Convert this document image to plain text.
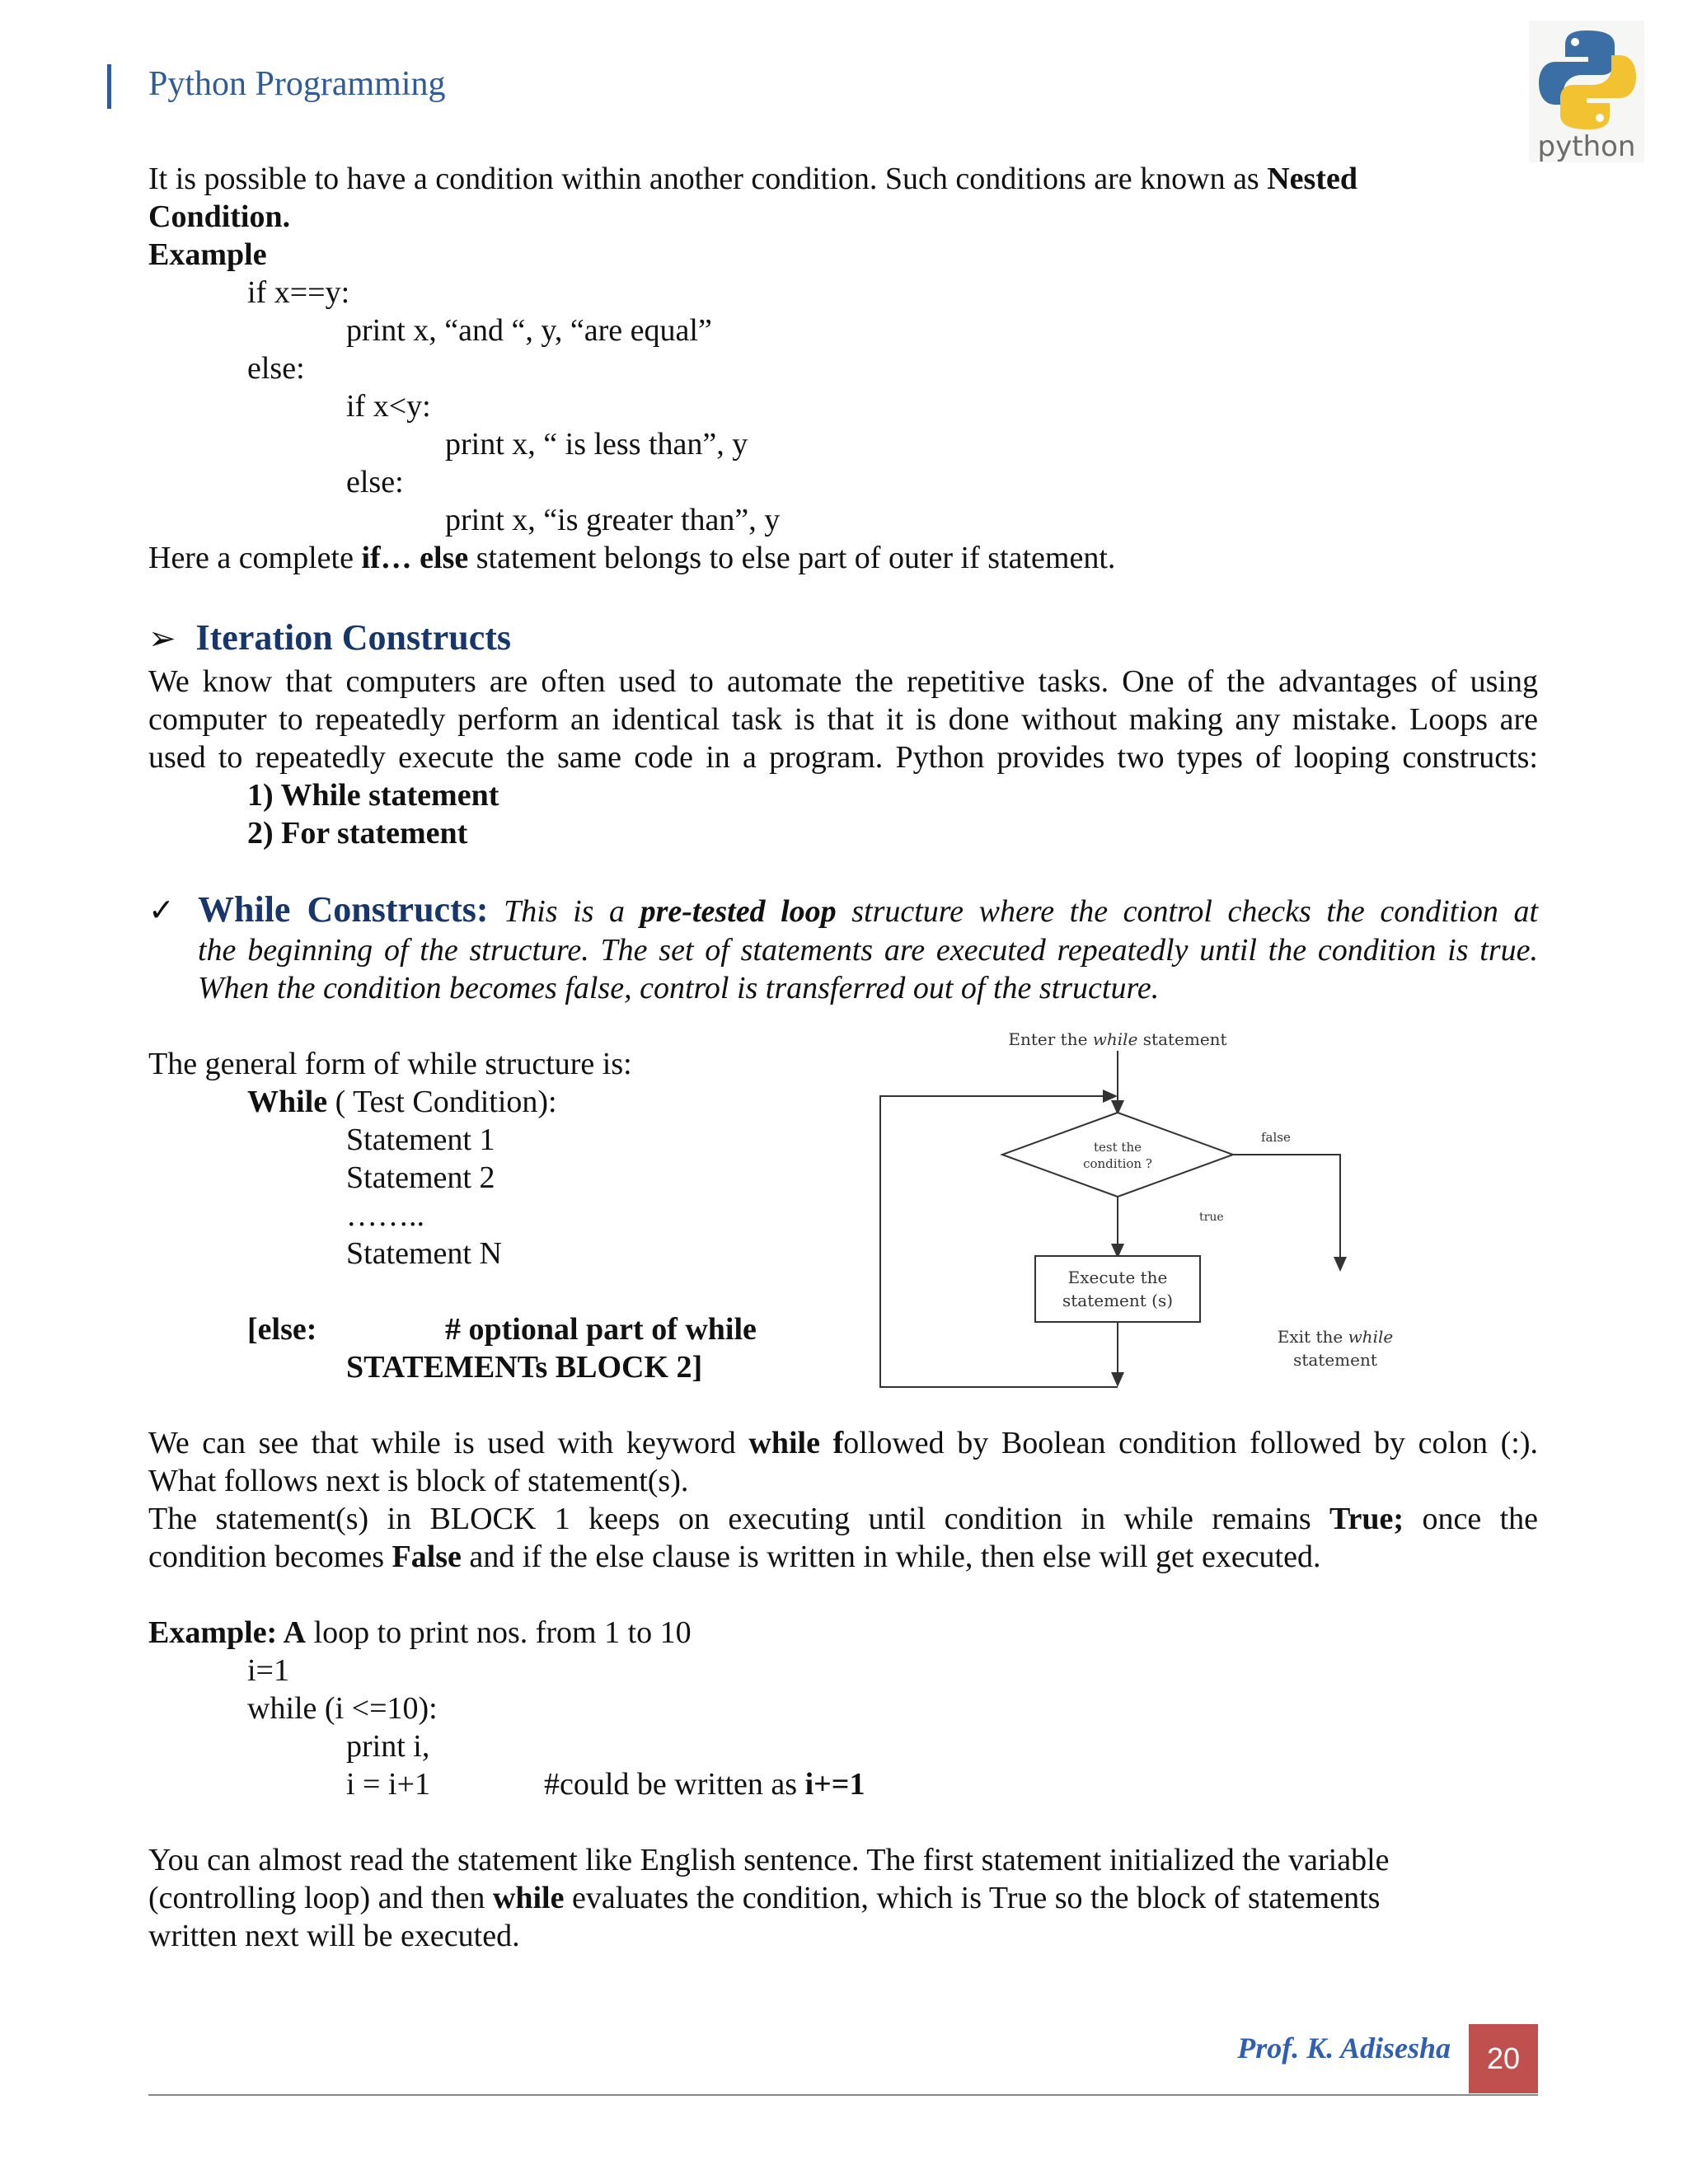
Python Programming
python
It is possible to have a condition within another condition. Such conditions are known as Nested
Condition.
Example
if x==y:
print x, “and “, y, “are equal”
else:
if x<y:
print x, “ is less than”, y
else:
print x, “is greater than”, y
Here a complete if… else statement belongs to else part of outer if statement.
➢ Iteration Constructs
We know that computers are often used to automate the repetitive tasks. One of the advantages of using
computer to repeatedly perform an identical task is that it is done without making any mistake. Loops are
used to repeatedly execute the same code in a program. Python provides two types of looping constructs:
1) While statement
2) For statement
✓ While Constructs: This is a pre-tested loop structure where the control checks the condition at
the beginning of the structure. The set of statements are executed repeatedly until the condition is true.
When the condition becomes false, control is transferred out of the structure.
The general form of while structure is:
While ( Test Condition):
Statement 1
Statement 2
……..
Statement N
[else:	# optional part of while
STATEMENTs BLOCK 2]
Enter the while statement
test the
condition ?
false
true
Execute the
statement (s)
Exit the while
statement
We can see that while is used with keyword while followed by Boolean condition followed by colon (:).
What follows next is block of statement(s).
The statement(s) in BLOCK 1 keeps on executing until condition in while remains True; once the
condition becomes False and if the else clause is written in while, then else will get executed.
Example: A loop to print nos. from 1 to 10
i=1
while (i <=10):
print i,
i = i+1	#could be written as i+=1
You can almost read the statement like English sentence. The first statement initialized the variable
(controlling loop) and then while evaluates the condition, which is True so the block of statements
written next will be executed.
Prof. K. Adisesha	20
